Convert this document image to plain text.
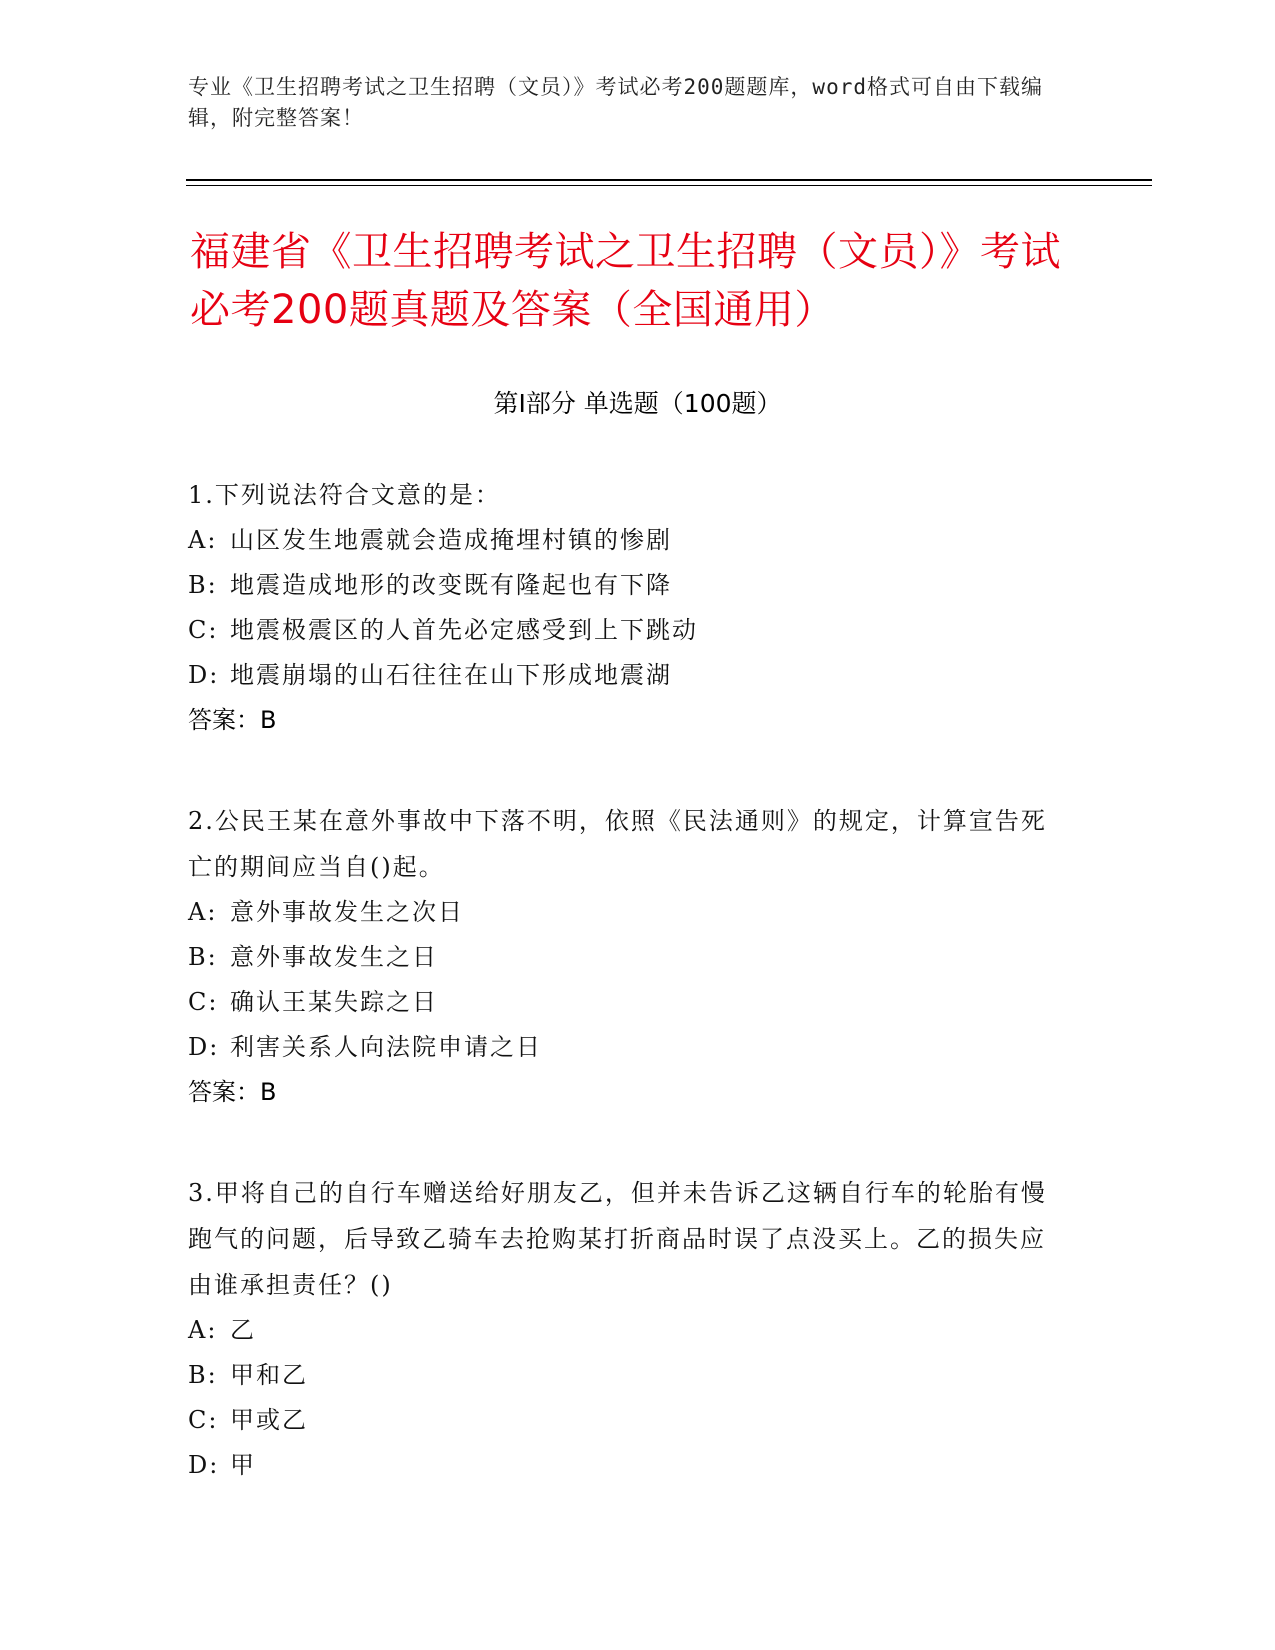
专业《卫生招聘考试之卫生招聘（文员）》考试必考200题题库，word格式可自由下载编辑，附完整答案！
福建省《卫生招聘考试之卫生招聘（文员）》考试必考200题真题及答案（全国通用）
第Ⅰ部分 单选题（100题）

1.下列说法符合文意的是：

A: 山区发生地震就会造成掩埋村镇的惨剧
B: 地震造成地形的改变既有隆起也有下降
C: 地震极震区的人首先必定感受到上下跳动
D: 地震崩塌的山石往往在山下形成地震湖
答案：B

2.公民王某在意外事故中下落不明，依照《民法通则》的规定，计算宣告死亡的期间应当自()起。

A: 意外事故发生之次日
B: 意外事故发生之日
C: 确认王某失踪之日
D: 利害关系人向法院申请之日
答案：B

3.甲将自己的自行车赠送给好朋友乙，但并未告诉乙这辆自行车的轮胎有慢跑气的问题，后导致乙骑车去抢购某打折商品时误了点没买上。乙的损失应由谁承担责任？()

A: 乙
B: 甲和乙
C: 甲或乙
D: 甲
